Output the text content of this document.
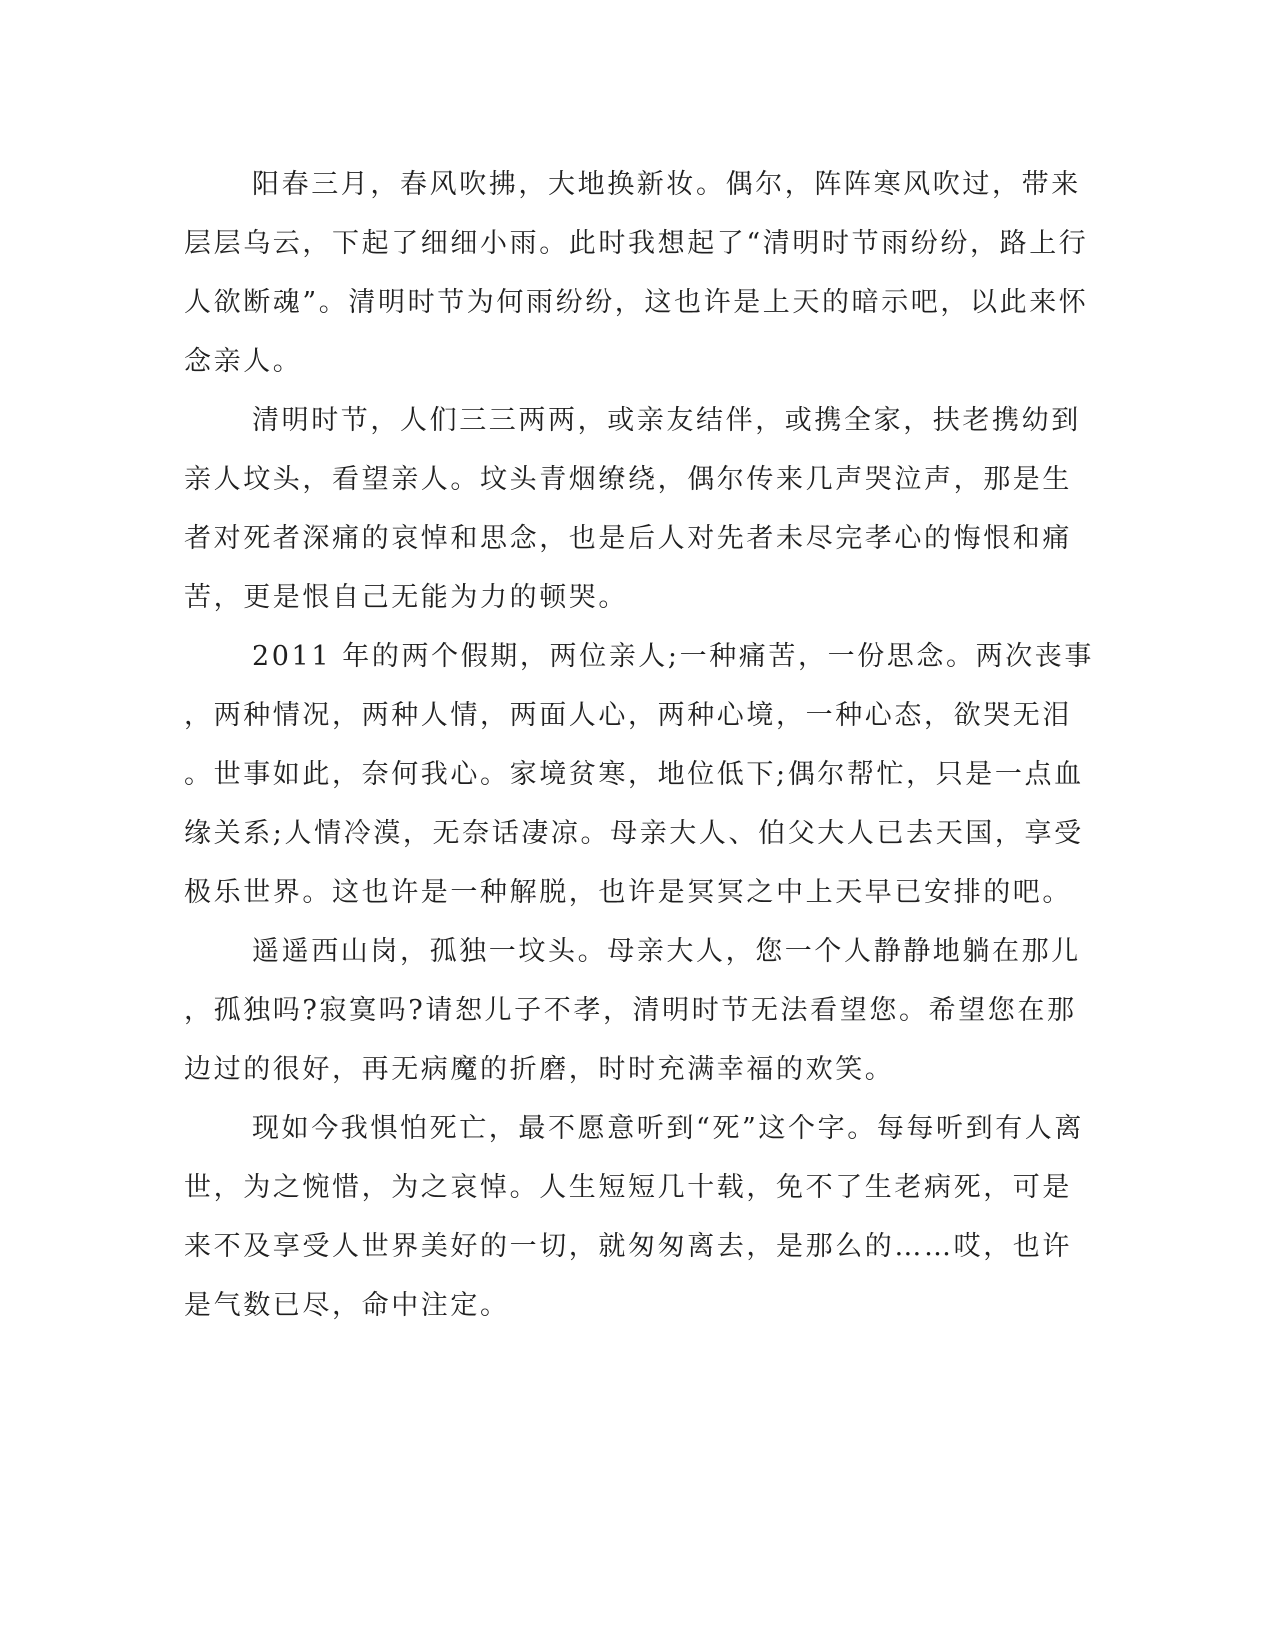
阳春三月，春风吹拂，大地换新妆。偶尔，阵阵寒风吹过，带来
层层乌云，下起了细细小雨。此时我想起了“清明时节雨纷纷，路上行
人欲断魂”。清明时节为何雨纷纷，这也许是上天的暗示吧，以此来怀
念亲人。
清明时节，人们三三两两，或亲友结伴，或携全家，扶老携幼到
亲人坟头，看望亲人。坟头青烟缭绕，偶尔传来几声哭泣声，那是生
者对死者深痛的哀悼和思念，也是后人对先者未尽完孝心的悔恨和痛
苦，更是恨自己无能为力的顿哭。
2011 年的两个假期，两位亲人;一种痛苦，一份思念。两次丧事
，两种情况，两种人情，两面人心，两种心境，一种心态，欲哭无泪
。世事如此，奈何我心。家境贫寒，地位低下;偶尔帮忙，只是一点血
缘关系;人情冷漠，无奈话凄凉。母亲大人、伯父大人已去天国，享受
极乐世界。这也许是一种解脱，也许是冥冥之中上天早已安排的吧。
遥遥西山岗，孤独一坟头。母亲大人，您一个人静静地躺在那儿
，孤独吗?寂寞吗?请恕儿子不孝，清明时节无法看望您。希望您在那
边过的很好，再无病魔的折磨，时时充满幸福的欢笑。
现如今我惧怕死亡，最不愿意听到“死”这个字。每每听到有人离
世，为之惋惜，为之哀悼。人生短短几十载，免不了生老病死，可是
来不及享受人世界美好的一切，就匆匆离去，是那么的……哎，也许
是气数已尽，命中注定。
